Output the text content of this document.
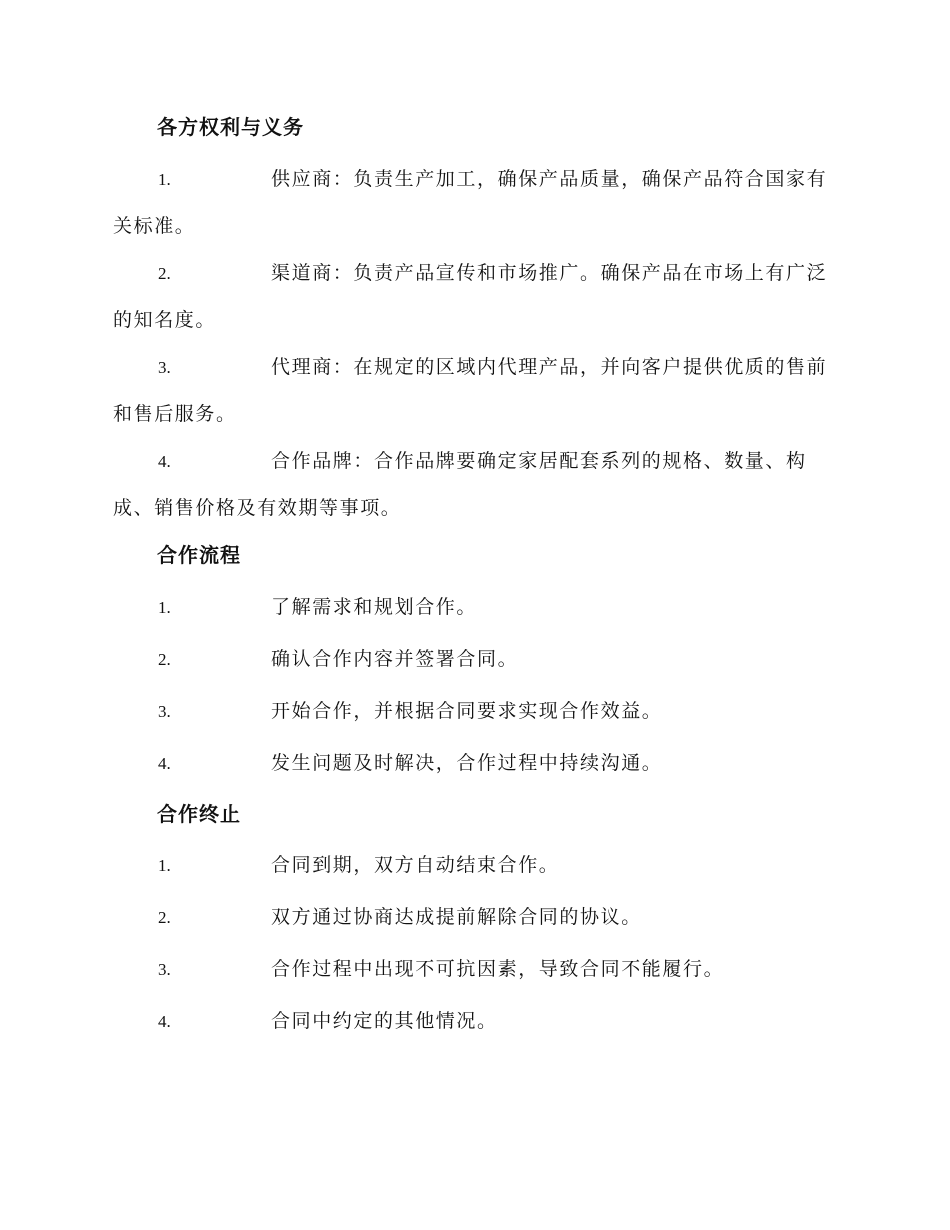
各方权利与义务
1.	供应商：负责生产加工，确保产品质量，确保产品符合国家有关标准。
2.	渠道商：负责产品宣传和市场推广。确保产品在市场上有广泛的知名度。
3.	代理商：在规定的区域内代理产品，并向客户提供优质的售前和售后服务。
4.	合作品牌：合作品牌要确定家居配套系列的规格、数量、构成、销售价格及有效期等事项。
合作流程
1.	了解需求和规划合作。
2.	确认合作内容并签署合同。
3.	开始合作，并根据合同要求实现合作效益。
4.	发生问题及时解决，合作过程中持续沟通。
合作终止
1.	合同到期，双方自动结束合作。
2.	双方通过协商达成提前解除合同的协议。
3.	合作过程中出现不可抗因素，导致合同不能履行。
4.	合同中约定的其他情况。
